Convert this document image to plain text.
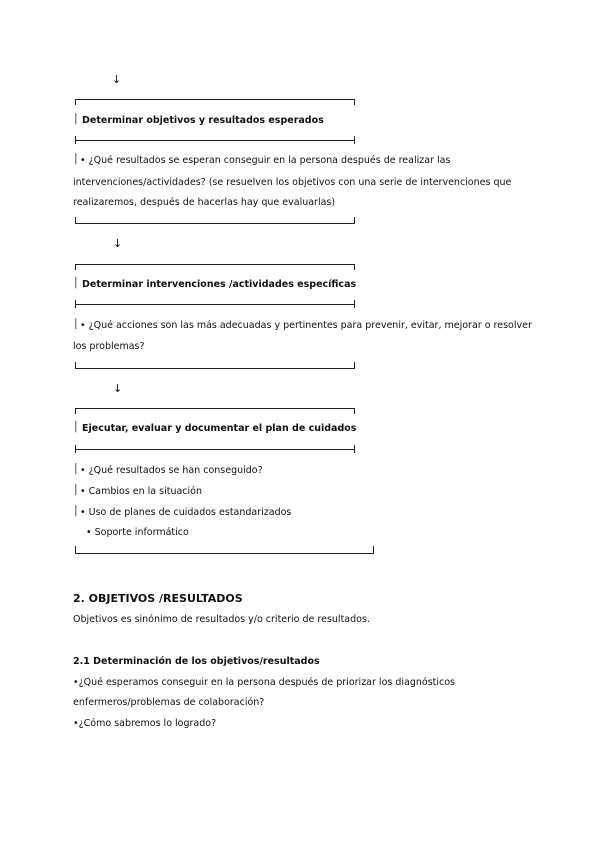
↓
│ Determinar objetivos y resultados esperados
│ • ¿Qué resultados se esperan conseguir en la persona después de realizar las
intervenciones/actividades? (se resuelven los objetivos con una serie de intervenciones que
realizaremos, después de hacerlas hay que evaluarlas)
↓
│ Determinar intervenciones /actividades específicas
│ • ¿Qué acciones son las más adecuadas y pertinentes para prevenir, evitar, mejorar o resolver
los problemas?
↓
│ Ejecutar, evaluar y documentar el plan de cuidados
│ • ¿Qué resultados se han conseguido?
│ • Cambios en la situación
│ • Uso de planes de cuidados estandarizados
• Soporte informático
2. OBJETIVOS /RESULTADOS
Objetivos es sinónimo de resultados y/o criterio de resultados.
2.1 Determinación de los objetivos/resultados
•¿Qué esperamos conseguir en la persona después de priorizar los diagnósticos
enfermeros/problemas de colaboración?
•¿Cómo sabremos lo logrado?
